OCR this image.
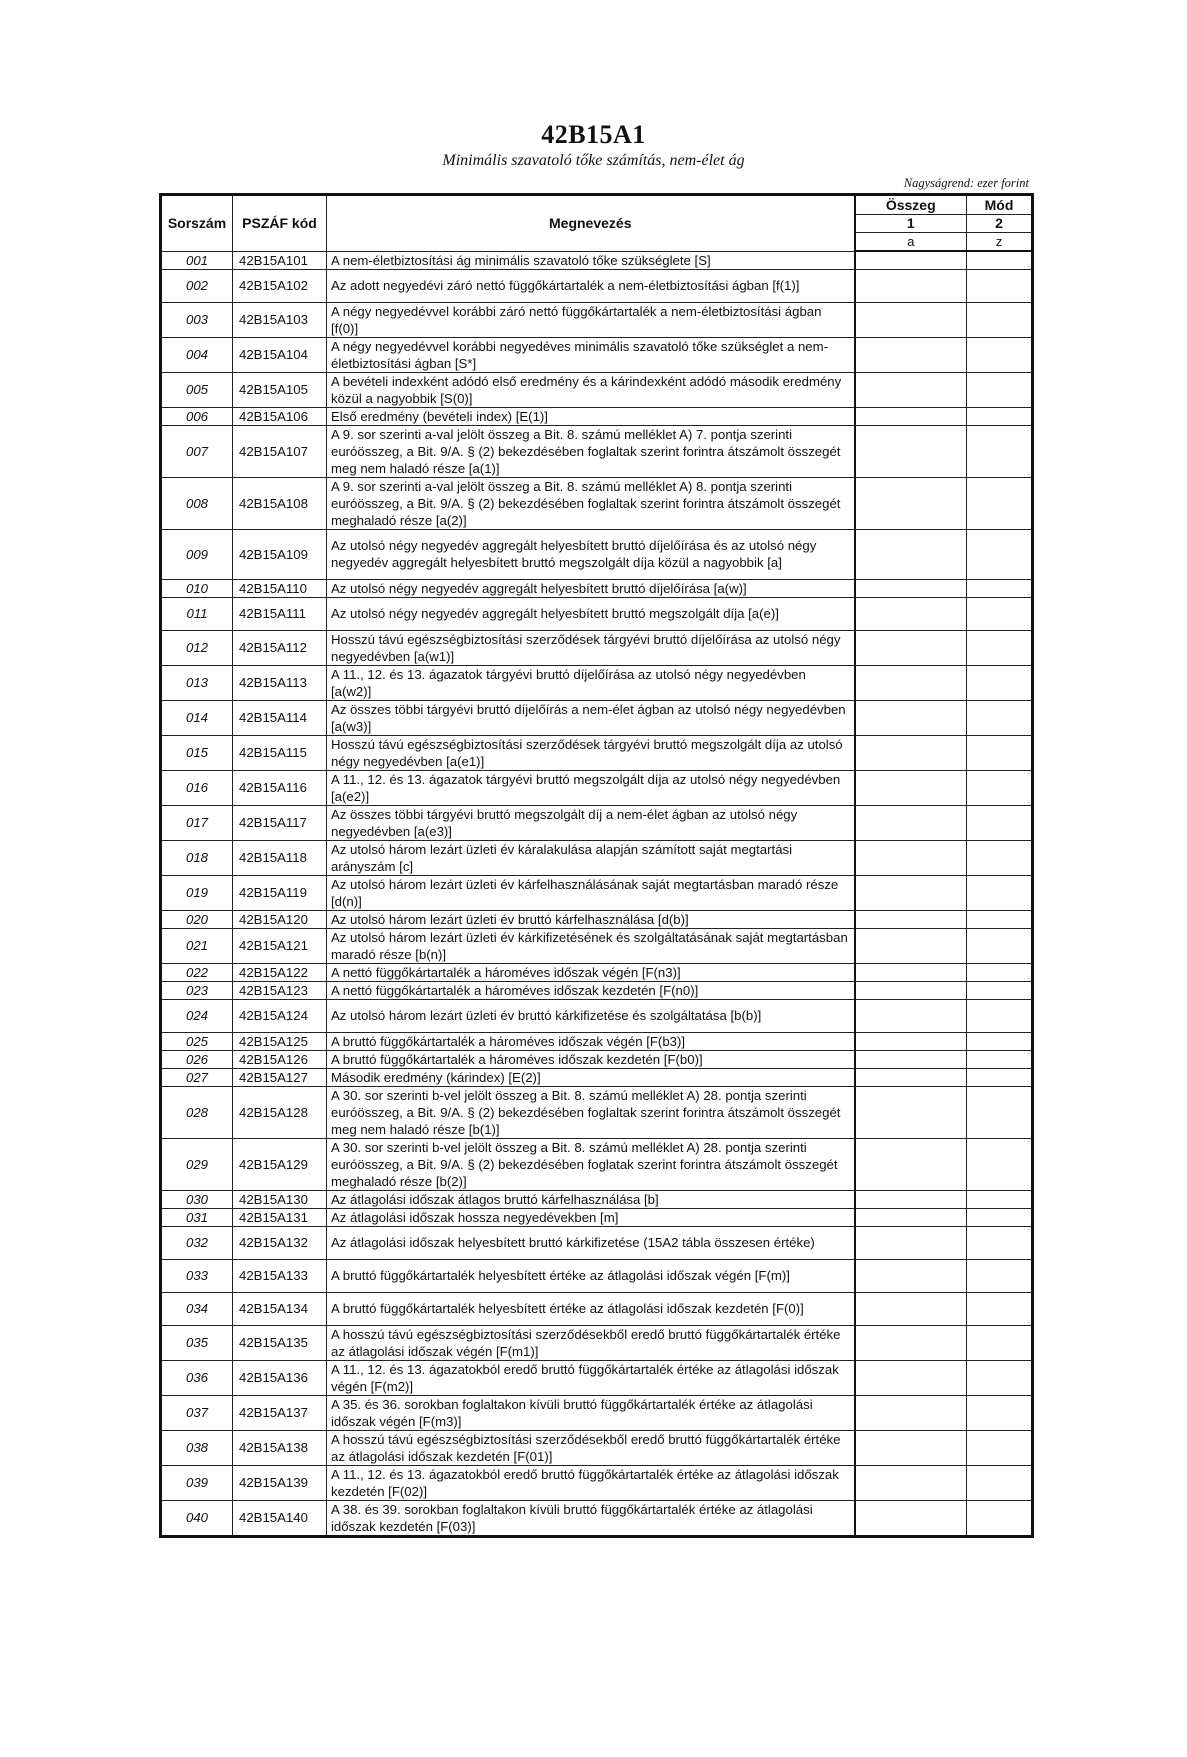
42B15A1
Minimális szavatoló tőke számítás, nem-élet ág
Nagyságrend: ezer forint
Sorszám	PSZÁF kód	Megnevezés	Összeg	Mód
			1	2
			a	z
001	42B15A101	A nem-életbiztosítási ág minimális szavatoló tőke szükséglete [S]		
002	42B15A102	Az adott negyedévi záró nettó függőkártartalék a nem-életbiztosítási ágban [f(1)]		
003	42B15A103	A négy negyedévvel korábbi záró nettó függőkártartalék a nem-életbiztosítási ágban [f(0)]		
004	42B15A104	A négy negyedévvel korábbi negyedéves minimális szavatoló tőke szükséglet a nem-életbiztosítási ágban [S*]		
005	42B15A105	A bevételi indexként adódó első eredmény és a kárindexként adódó második eredmény közül a nagyobbik [S(0)]		
006	42B15A106	Első eredmény (bevételi index) [E(1)]		
007	42B15A107	A 9. sor szerinti a-val jelölt összeg a Bit. 8. számú melléklet A) 7. pontja szerinti euróösszeg, a Bit. 9/A. § (2) bekezdésében foglaltak szerint forintra átszámolt összegét meg nem haladó része [a(1)]		
008	42B15A108	A 9. sor szerinti a-val jelölt összeg a Bit. 8. számú melléklet A) 8. pontja szerinti euróösszeg, a Bit. 9/A. § (2) bekezdésében foglaltak szerint forintra átszámolt összegét meghaladó része [a(2)]		
009	42B15A109	Az utolsó négy negyedév aggregált helyesbített bruttó díjelőírása és az utolsó négy negyedév aggregált helyesbített bruttó megszolgált díja közül a nagyobbik [a]		
010	42B15A110	Az utolsó négy negyedév aggregált helyesbített bruttó díjelőírása [a(w)]		
011	42B15A111	Az utolsó négy negyedév aggregált helyesbített bruttó megszolgált díja [a(e)]		
012	42B15A112	Hosszú távú egészségbiztosítási szerződések tárgyévi bruttó díjelőírása az utolsó négy negyedévben [a(w1)]		
013	42B15A113	A 11., 12. és 13. ágazatok tárgyévi bruttó díjelőírása az utolsó négy negyedévben [a(w2)]		
014	42B15A114	Az összes többi tárgyévi bruttó díjelőírás a nem-élet ágban az utolsó négy negyedévben [a(w3)]		
015	42B15A115	Hosszú távú egészségbiztosítási szerződések tárgyévi bruttó megszolgált díja az utolsó négy negyedévben [a(e1)]		
016	42B15A116	A 11., 12. és 13. ágazatok tárgyévi bruttó megszolgált díja az utolsó négy negyedévben [a(e2)]		
017	42B15A117	Az összes többi tárgyévi bruttó megszolgált díj a nem-élet ágban az utolsó négy negyedévben [a(e3)]		
018	42B15A118	Az utolsó három lezárt üzleti év káralakulása alapján számított saját megtartási arányszám [c]		
019	42B15A119	Az utolsó három lezárt üzleti év kárfelhasználásának saját megtartásban maradó része [d(n)]		
020	42B15A120	Az utolsó három lezárt üzleti év bruttó kárfelhasználása [d(b)]		
021	42B15A121	Az utolsó három lezárt üzleti év kárkifizetésének és szolgáltatásának saját megtartásban maradó része [b(n)]		
022	42B15A122	A nettó függőkártartalék a hároméves időszak végén [F(n3)]		
023	42B15A123	A nettó függőkártartalék a hároméves időszak kezdetén [F(n0)]		
024	42B15A124	Az utolsó három lezárt üzleti év bruttó kárkifizetése és szolgáltatása [b(b)]		
025	42B15A125	A bruttó függőkártartalék a hároméves időszak végén [F(b3)]		
026	42B15A126	A bruttó függőkártartalék a hároméves időszak kezdetén [F(b0)]		
027	42B15A127	Második eredmény (kárindex) [E(2)]		
028	42B15A128	A 30. sor szerinti b-vel jelölt összeg a Bit. 8. számú melléklet A) 28. pontja szerinti euróösszeg, a Bit. 9/A. § (2) bekezdésében foglaltak szerint forintra átszámolt összegét meg nem haladó része [b(1)]		
029	42B15A129	A 30. sor szerinti b-vel jelölt összeg a Bit. 8. számú melléklet A) 28. pontja szerinti euróösszeg, a Bit. 9/A. § (2) bekezdésében foglatak szerint forintra átszámolt összegét meghaladó része [b(2)]		
030	42B15A130	Az átlagolási időszak átlagos bruttó kárfelhasználása [b]		
031	42B15A131	Az átlagolási időszak hossza negyedévekben [m]		
032	42B15A132	Az átlagolási időszak helyesbített bruttó kárkifizetése (15A2 tábla összesen értéke)		
033	42B15A133	A bruttó függőkártartalék helyesbített értéke az átlagolási időszak végén [F(m)]		
034	42B15A134	A bruttó függőkártartalék helyesbített értéke az átlagolási időszak kezdetén [F(0)]		
035	42B15A135	A hosszú távú egészségbiztosítási szerződésekből eredő bruttó függőkártartalék értéke az átlagolási időszak végén [F(m1)]		
036	42B15A136	A 11., 12. és 13. ágazatokból eredő bruttó függőkártartalék értéke az átlagolási időszak végén [F(m2)]		
037	42B15A137	A 35. és 36. sorokban foglaltakon kívüli bruttó függőkártartalék értéke az átlagolási időszak végén [F(m3)]		
038	42B15A138	A hosszú távú egészségbiztosítási szerződésekből eredő bruttó függőkártartalék értéke az átlagolási időszak kezdetén [F(01)]		
039	42B15A139	A 11., 12. és 13. ágazatokból eredő bruttó függőkártartalék értéke az átlagolási időszak kezdetén [F(02)]		
040	42B15A140	A 38. és 39. sorokban foglaltakon kívüli bruttó függőkártartalék értéke az átlagolási időszak kezdetén [F(03)]		
